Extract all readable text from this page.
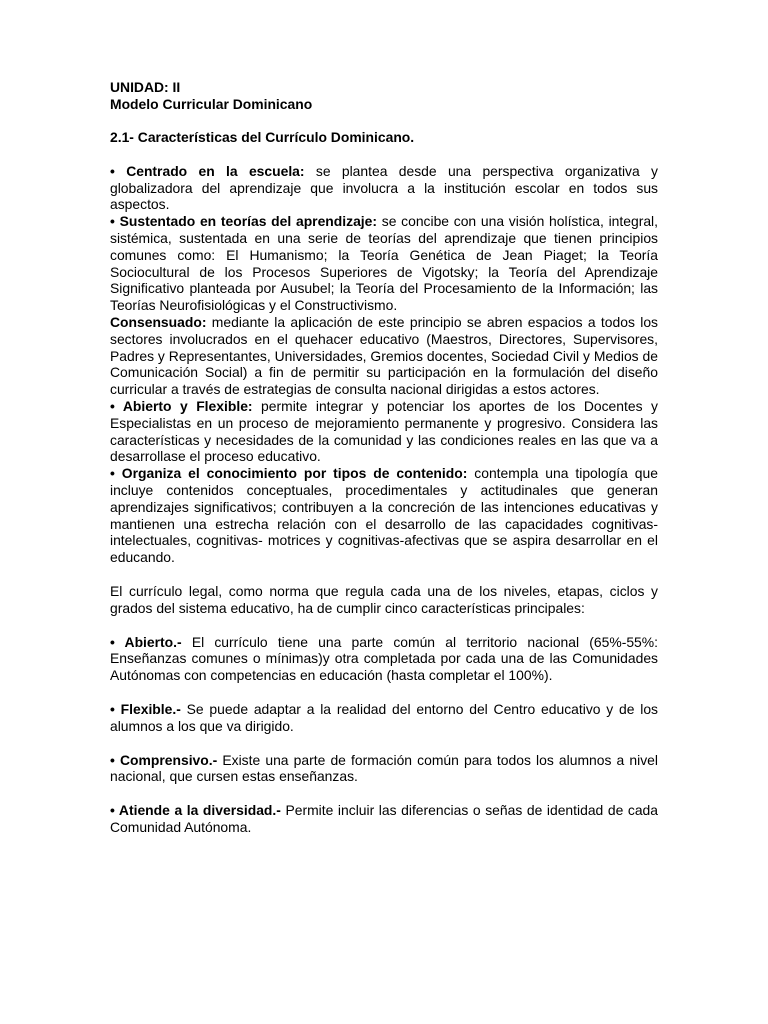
UNIDAD: II
Modelo Curricular Dominicano

2.1- Características del Currículo Dominicano.

• Centrado en la escuela: se plantea desde una perspectiva organizativa y globalizadora del aprendizaje que involucra a la institución escolar en todos sus aspectos.

• Sustentado en teorías del aprendizaje: se concibe con una visión holística, integral, sistémica, sustentada en una serie de teorías del aprendizaje que tienen principios comunes como: El Humanismo; la Teoría Genética de Jean Piaget; la Teoría Sociocultural de los Procesos Superiores de Vigotsky; la Teoría del Aprendizaje Significativo planteada por Ausubel; la Teoría del Procesamiento de la Información; las Teorías Neurofisiológicas y el Constructivismo.

Consensuado: mediante la aplicación de este principio se abren espacios a todos los sectores involucrados en el quehacer educativo (Maestros, Directores, Supervisores, Padres y Representantes, Universidades, Gremios docentes, Sociedad Civil y Medios de Comunicación Social) a fin de permitir su participación en la formulación del diseño curricular a través de estrategias de consulta nacional dirigidas a estos actores.

• Abierto y Flexible: permite integrar y potenciar los aportes de los Docentes y Especialistas en un proceso de mejoramiento permanente y progresivo. Considera las características y necesidades de la comunidad y las condiciones reales en las que va a desarrollase el proceso educativo.

• Organiza el conocimiento por tipos de contenido: contempla una tipología que incluye contenidos conceptuales, procedimentales y actitudinales que generan aprendizajes significativos; contribuyen a la concreción de las intenciones educativas y mantienen una estrecha relación con el desarrollo de las capacidades cognitivas- intelectuales, cognitivas- motrices y cognitivas-afectivas que se aspira desarrollar en el educando.

El currículo legal, como norma que regula cada una de los niveles, etapas, ciclos y grados del sistema educativo, ha de cumplir cinco características principales:

• Abierto.- El currículo tiene una parte común al territorio nacional (65%-55%: Enseñanzas comunes o mínimas)y otra completada por cada una de las Comunidades Autónomas con competencias en educación (hasta completar el 100%).

• Flexible.- Se puede adaptar a la realidad del entorno del Centro educativo y de los alumnos a los que va dirigido.

• Comprensivo.- Existe una parte de formación común para todos los alumnos a nivel nacional, que cursen estas enseñanzas.

• Atiende a la diversidad.- Permite incluir las diferencias o señas de identidad de cada Comunidad Autónoma.
